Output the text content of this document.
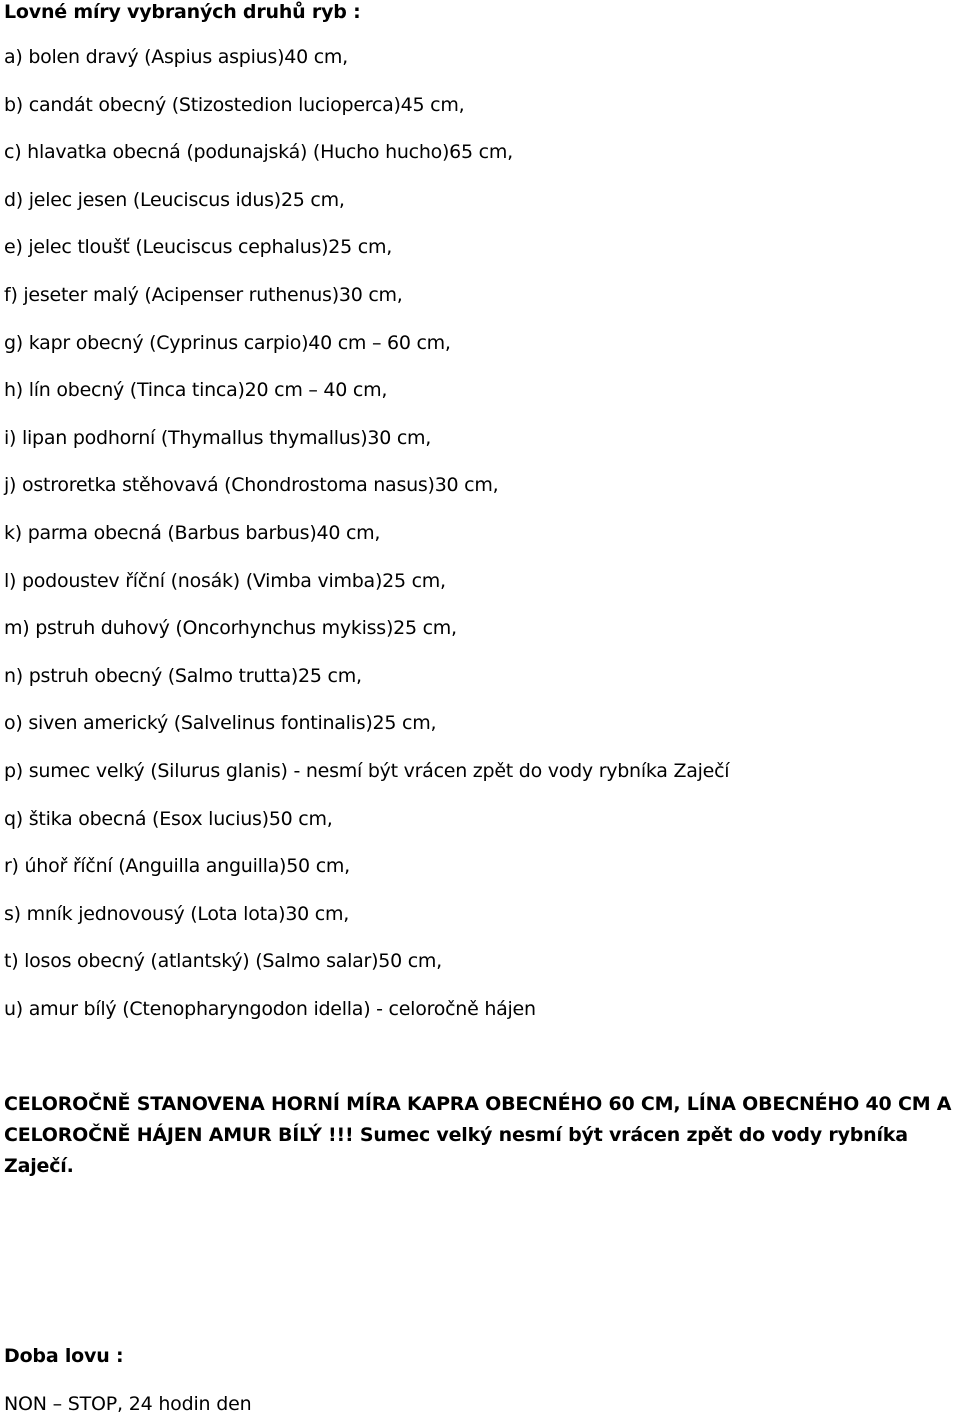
Lovné míry vybraných druhů ryb :
a) bolen dravý (Aspius aspius)40 cm,
b) candát obecný (Stizostedion lucioperca)45 cm,
c) hlavatka obecná (podunajská) (Hucho hucho)65 cm,
d) jelec jesen (Leuciscus idus)25 cm,
e) jelec tloušť (Leuciscus cephalus)25 cm,
f) jeseter malý (Acipenser ruthenus)30 cm,
g) kapr obecný (Cyprinus carpio)40 cm – 60 cm,
h) lín obecný (Tinca tinca)20 cm – 40 cm,
i) lipan podhorní (Thymallus thymallus)30 cm,
j) ostroretka stěhovavá (Chondrostoma nasus)30 cm,
k) parma obecná (Barbus barbus)40 cm,
l) podoustev říční (nosák) (Vimba vimba)25 cm,
m) pstruh duhový (Oncorhynchus mykiss)25 cm,
n) pstruh obecný (Salmo trutta)25 cm,
o) siven americký (Salvelinus fontinalis)25 cm,
p) sumec velký (Silurus glanis) - nesmí být vrácen zpět do vody rybníka Zaječí
q) štika obecná (Esox lucius)50 cm,
r) úhoř říční (Anguilla anguilla)50 cm,
s) mník jednovousý (Lota lota)30 cm,
t) losos obecný (atlantský) (Salmo salar)50 cm,
u) amur bílý (Ctenopharyngodon idella) - celoročně hájen

CELOROČNĚ STANOVENA HORNÍ MÍRA KAPRA OBECNÉHO 60 CM, LÍNA OBECNÉHO 40 CM A CELOROČNĚ HÁJEN AMUR BÍLÝ !!! Sumec velký nesmí být vrácen zpět do vody rybníka Zaječí.

Doba lovu :
NON – STOP, 24 hodin den
